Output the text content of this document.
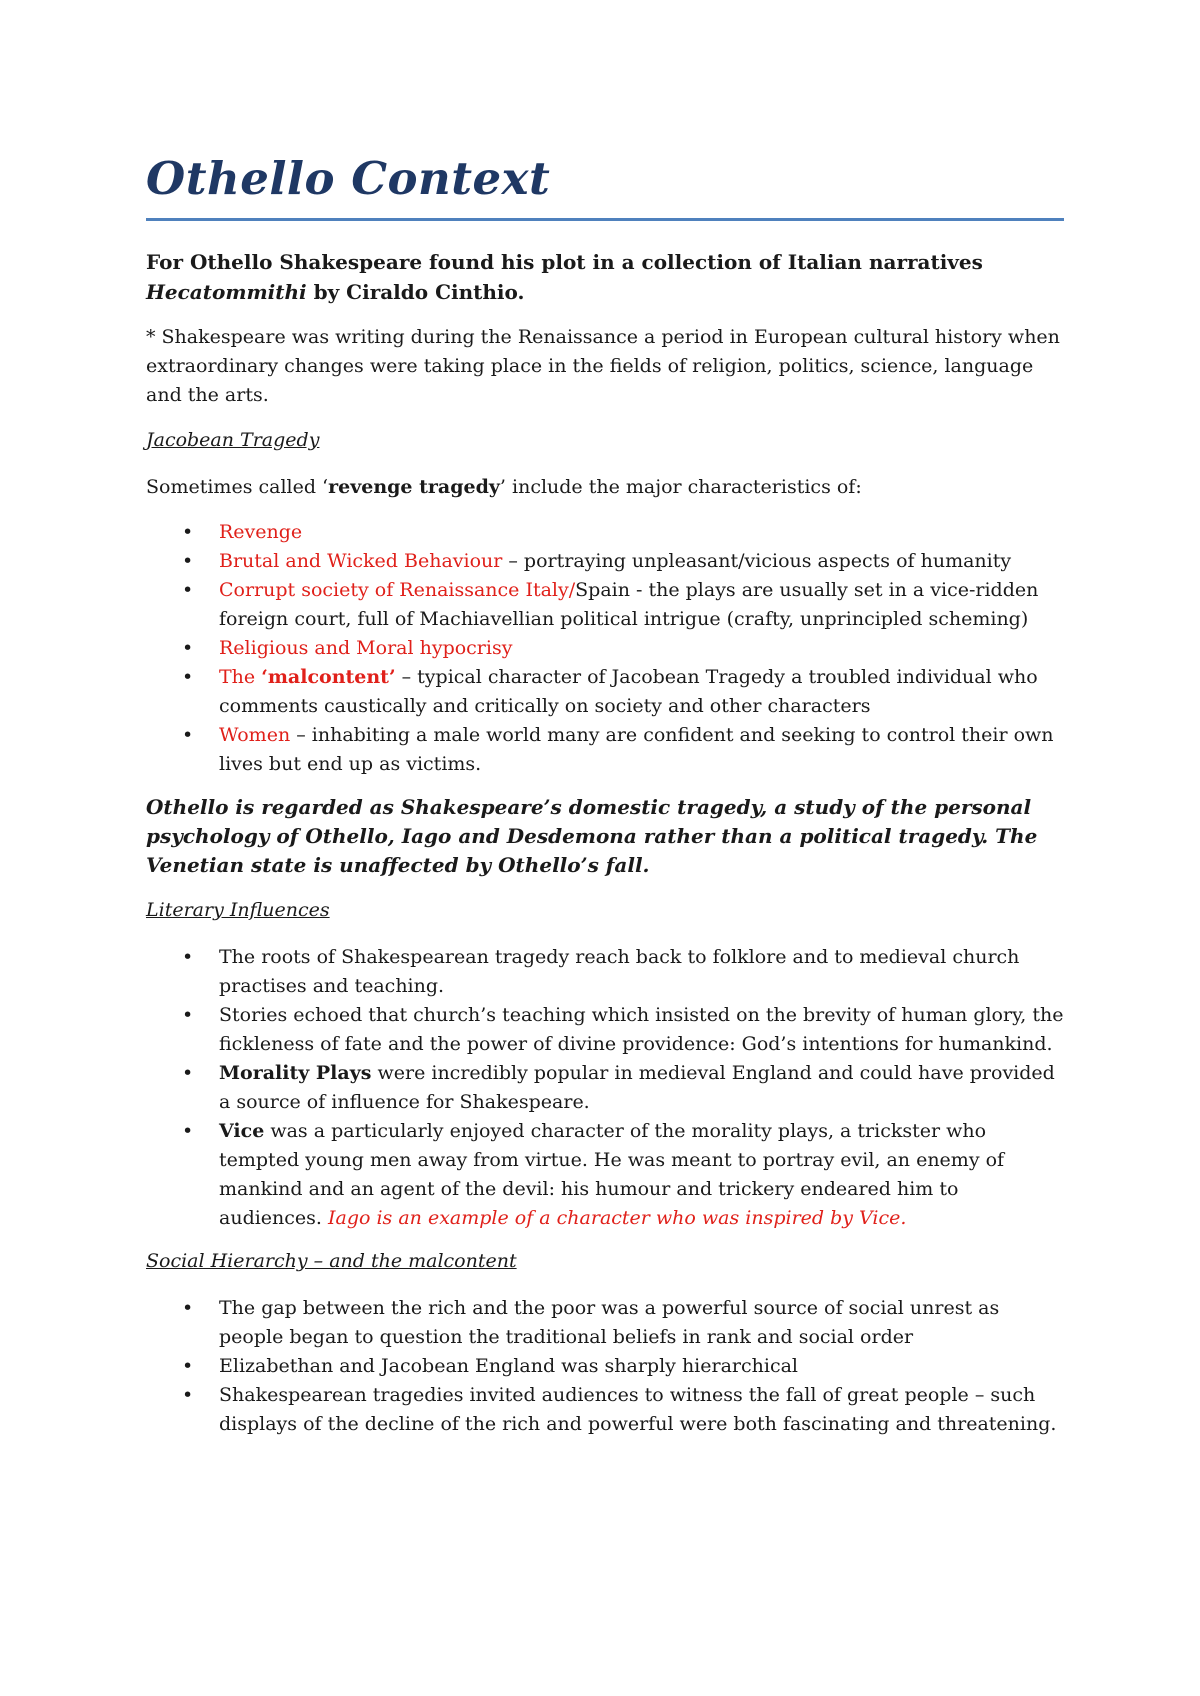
Othello Context

For Othello Shakespeare found his plot in a collection of Italian narratives
Hecatommithi by Ciraldo Cinthio.

* Shakespeare was writing during the Renaissance a period in European cultural history when extraordinary changes were taking place in the fields of religion, politics, science, language and the arts.

Jacobean Tragedy

Sometimes called ‘revenge tragedy’ include the major characteristics of:

• Revenge
• Brutal and Wicked Behaviour – portraying unpleasant/vicious aspects of humanity
• Corrupt society of Renaissance Italy/Spain - the plays are usually set in a vice-ridden foreign court, full of Machiavellian political intrigue (crafty, unprincipled scheming)
• Religious and Moral hypocrisy
• The ‘malcontent’ – typical character of Jacobean Tragedy a troubled individual who comments caustically and critically on society and other characters
• Women – inhabiting a male world many are confident and seeking to control their own lives but end up as victims.

Othello is regarded as Shakespeare’s domestic tragedy, a study of the personal psychology of Othello, Iago and Desdemona rather than a political tragedy. The Venetian state is unaffected by Othello’s fall.

Literary Influences

• The roots of Shakespearean tragedy reach back to folklore and to medieval church practises and teaching.
• Stories echoed that church’s teaching which insisted on the brevity of human glory, the fickleness of fate and the power of divine providence: God’s intentions for humankind.
• Morality Plays were incredibly popular in medieval England and could have provided a source of influence for Shakespeare.
• Vice was a particularly enjoyed character of the morality plays, a trickster who tempted young men away from virtue. He was meant to portray evil, an enemy of mankind and an agent of the devil: his humour and trickery endeared him to audiences. Iago is an example of a character who was inspired by Vice.

Social Hierarchy – and the malcontent

• The gap between the rich and the poor was a powerful source of social unrest as people began to question the traditional beliefs in rank and social order
• Elizabethan and Jacobean England was sharply hierarchical
• Shakespearean tragedies invited audiences to witness the fall of great people – such displays of the decline of the rich and powerful were both fascinating and threatening.
